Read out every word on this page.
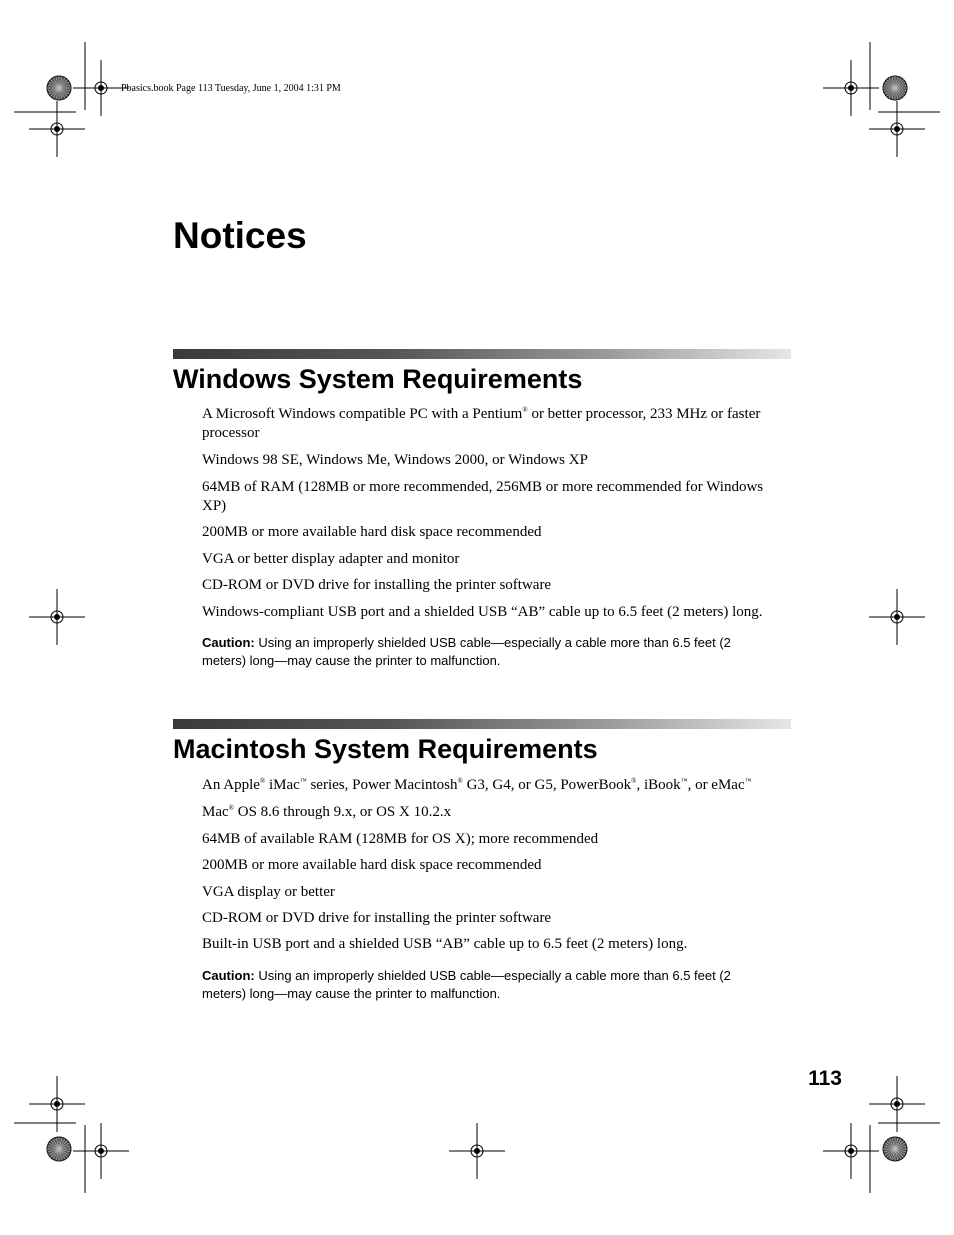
Pbasics.book Page 113 Tuesday, June 1, 2004 1:31 PM
Notices
Windows System Requirements
A Microsoft Windows compatible PC with a Pentium® or better processor, 233 MHz or faster processor
Windows 98 SE, Windows Me, Windows 2000, or Windows XP
64MB of RAM (128MB or more recommended, 256MB or more recommended for Windows XP)
200MB or more available hard disk space recommended
VGA or better display adapter and monitor
CD-ROM or DVD drive for installing the printer software
Windows-compliant USB port and a shielded USB “AB” cable up to 6.5 feet (2 meters) long.
Caution: Using an improperly shielded USB cable—especially a cable more than 6.5 feet (2 meters) long—may cause the printer to malfunction.
Macintosh System Requirements
An Apple® iMac™ series, Power Macintosh® G3, G4, or G5, PowerBook®, iBook™, or eMac™
Mac® OS 8.6 through 9.x, or OS X 10.2.x
64MB of available RAM (128MB for OS X); more recommended
200MB or more available hard disk space recommended
VGA display or better
CD-ROM or DVD drive for installing the printer software
Built-in USB port and a shielded USB “AB” cable up to 6.5 feet (2 meters) long.
Caution: Using an improperly shielded USB cable—especially a cable more than 6.5 feet (2 meters) long—may cause the printer to malfunction.
113
